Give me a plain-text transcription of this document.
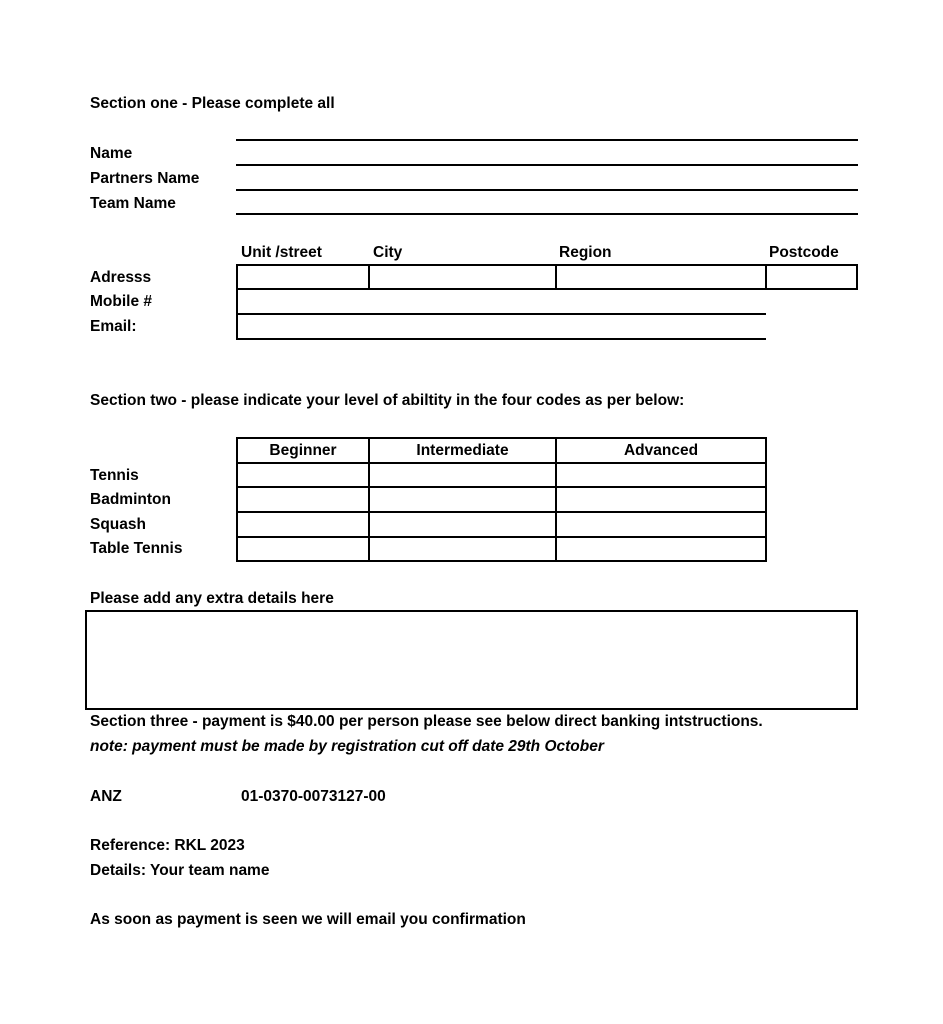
Section one - Please complete all
Name
Partners Name
Team Name
Unit /street	City	Region	Postcode
Adresss
Mobile #
Email:
Section two - please indicate your level of abiltity in the four codes as per below:
Beginner	Intermediate	Advanced
Tennis
Badminton
Squash
Table Tennis
Please add any extra details here
Section three - payment is $40.00 per person please see below direct banking intstructions.
note: payment must be made by registration cut off date 29th October
ANZ	01-0370-0073127-00
Reference: RKL 2023
Details: Your team name
As soon as payment is seen we will email you confirmation
